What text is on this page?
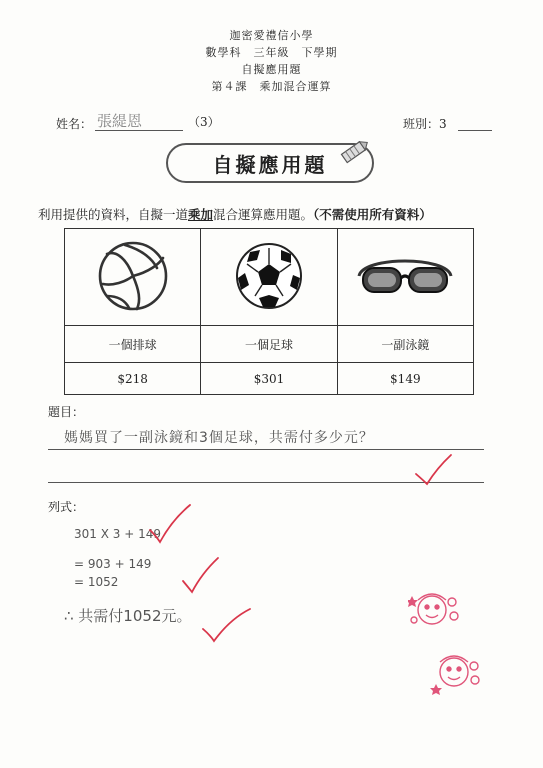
迦密愛禮信小學
數學科　三年級　下學期
自擬應用題
第４課　乘加混合運算
姓名： 張緹恩	（3）	班別：3
自擬應用題
利用提供的資料，自擬一道乘加混合運算應用題。（不需使用所有資料）

一個排球	一個足球	一副泳鏡
$218	$301	$149
題目：
媽媽買了一副泳鏡和3個足球，共需付多少元？
列式：
301 X 3 + 149
= 903 + 149
= 1052
∴ 共需付1052元。
